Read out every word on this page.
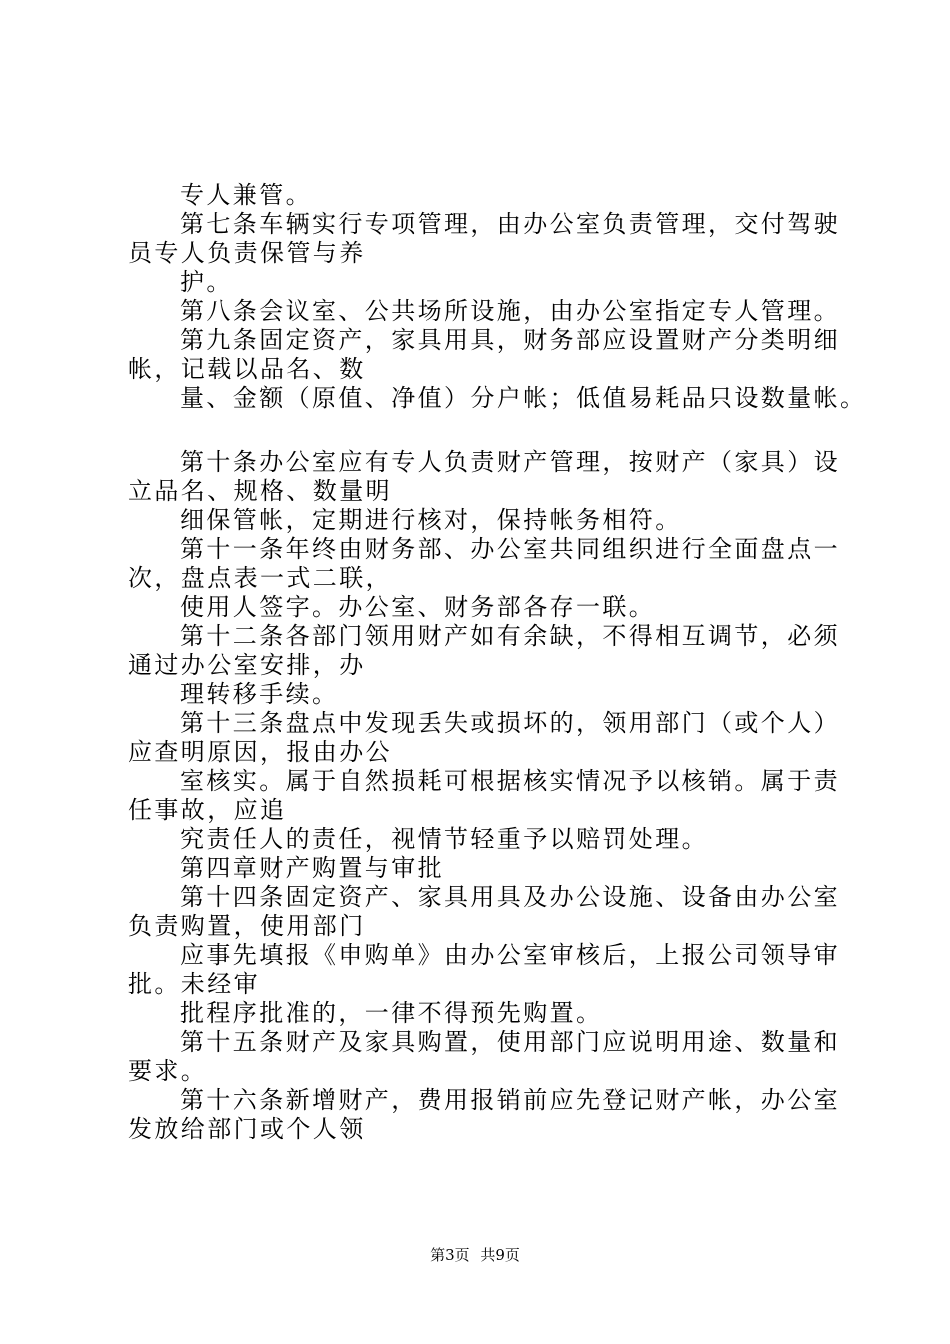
专人兼管。
第七条车辆实行专项管理，由办公室负责管理，交付驾驶
员专人负责保管与养
护。
第八条会议室、公共场所设施，由办公室指定专人管理。
第九条固定资产，家具用具，财务部应设置财产分类明细
帐，记载以品名、数
量、金额（原值、净值）分户帐；低值易耗品只设数量帐。
第十条办公室应有专人负责财产管理，按财产（家具）设
立品名、规格、数量明
细保管帐，定期进行核对，保持帐务相符。
第十一条年终由财务部、办公室共同组织进行全面盘点一
次，盘点表一式二联，
使用人签字。办公室、财务部各存一联。
第十二条各部门领用财产如有余缺，不得相互调节，必须
通过办公室安排，办
理转移手续。
第十三条盘点中发现丢失或损坏的，领用部门（或个人）
应查明原因，报由办公
室核实。属于自然损耗可根据核实情况予以核销。属于责
任事故，应追
究责任人的责任，视情节轻重予以赔罚处理。
第四章财产购置与审批
第十四条固定资产、家具用具及办公设施、设备由办公室
负责购置，使用部门
应事先填报《申购单》由办公室审核后，上报公司领导审
批。未经审
批程序批准的，一律不得预先购置。
第十五条财产及家具购置，使用部门应说明用途、数量和
要求。
第十六条新增财产，费用报销前应先登记财产帐，办公室
发放给部门或个人领
第3页 共9页
